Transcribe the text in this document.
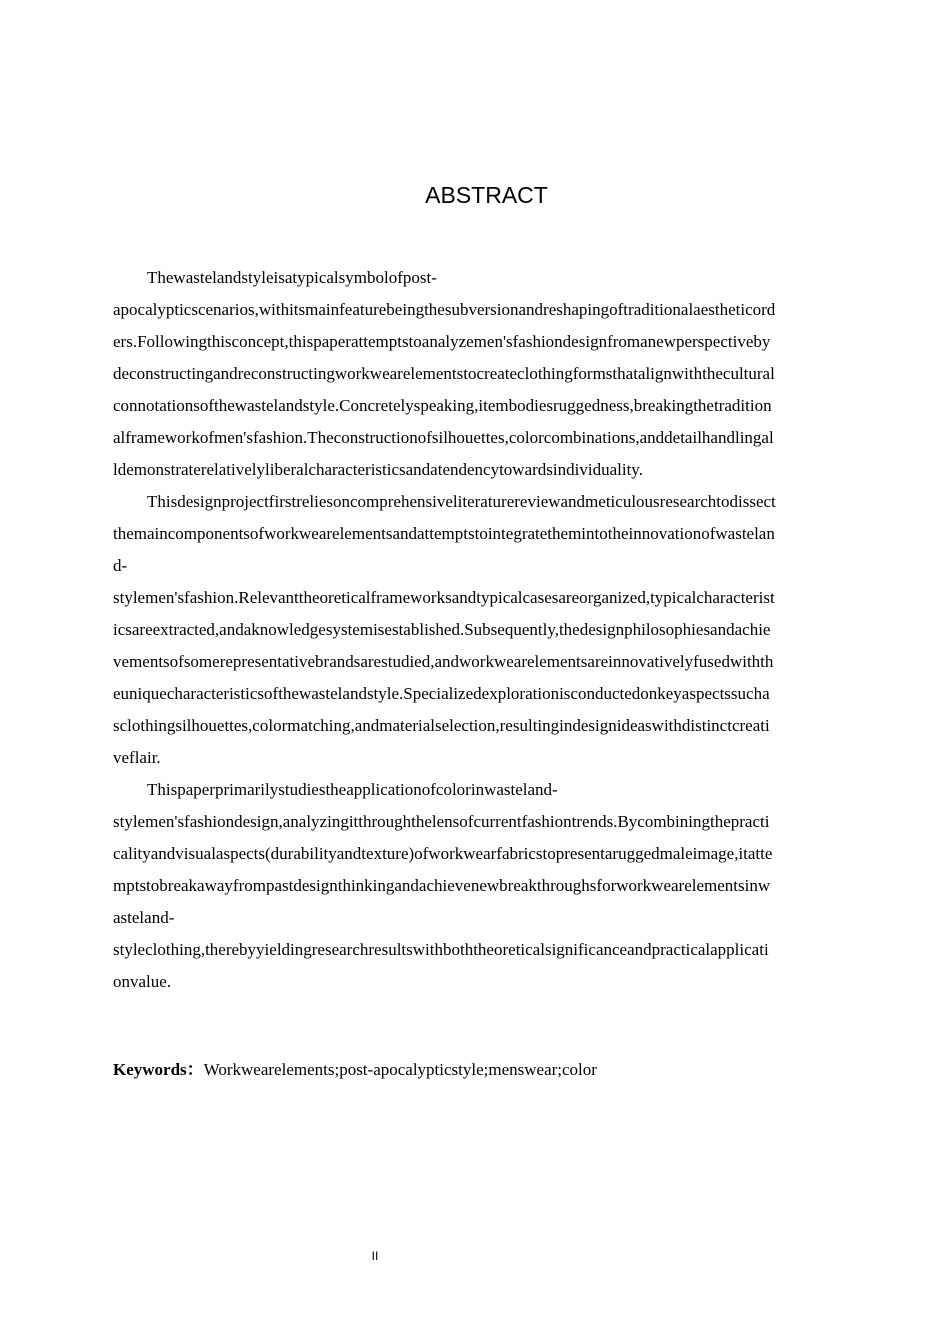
ABSTRACT
Thewastelandstyleisatypicalsymbolofpost-
apocalypticscenarios,withitsmainfeaturebeingthesubversionandreshapingoftraditionalaestheticord
ers.Followingthisconcept,thispaperattemptstoanalyzemen'sfashiondesignfromanewperspectiveby
deconstructingandreconstructingworkwearelementstocreateclothingformsthatalignwiththecultural
connotationsofthewastelandstyle.Concretelyspeaking,itembodiesruggedness,breakingthetradition
alframeworkofmen'sfashion.Theconstructionofsilhouettes,colorcombinations,anddetailhandlingal
ldemonstraterelativelyliberalcharacteristicsandatendencytowardsindividuality.
Thisdesignprojectfirstreliesoncomprehensiveliteraturereviewandmeticulousresearchtodissect
themaincomponentsofworkwearelementsandattemptstointegratethemintotheinnovationofwastelan
d-
stylemen'sfashion.Relevanttheoreticalframeworksandtypicalcasesareorganized,typicalcharacterist
icsareextracted,andaknowledgesystemisestablished.Subsequently,thedesignphilosophiesandachie
vementsofsomerepresentativebrandsarestudied,andworkwearelementsareinnovativelyfusedwithth
euniquecharacteristicsofthewastelandstyle.Specializedexplorationisconductedonkeyaspectssucha
sclothingsilhouettes,colormatching,andmaterialselection,resultingindesignideaswithdistinctcreati
veflair.
Thispaperprimarilystudiestheapplicationofcolorinwasteland-
stylemen'sfashiondesign,analyzingitthroughthelensofcurrentfashiontrends.Bycombiningthepracti
calityandvisualaspects(durabilityandtexture)ofworkwearfabricstopresentaruggedmaleimage,itatte
mptstobreakawayfrompastdesignthinkingandachievenewbreakthroughsforworkwearelementsinw
asteland-
styleclothing,therebyyieldingresearchresultswithboththeoreticalsignificanceandpracticalapplicati
onvalue.
Keywords：Workwearelements;post-apocalypticstyle;menswear;color
II
